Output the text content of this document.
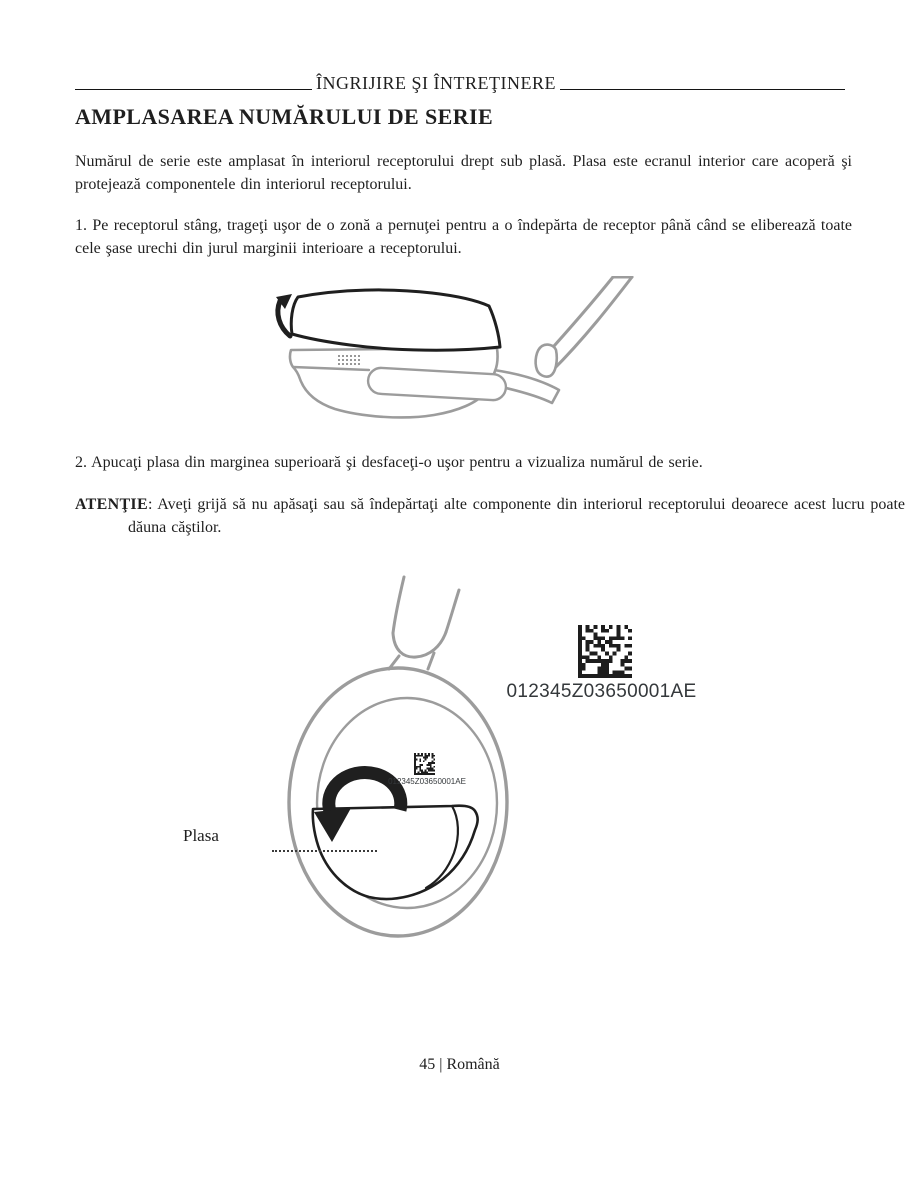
ÎNGRIJIRE ŞI ÎNTREŢINERE
AMPLASAREA NUMĂRULUI DE SERIE

Numărul de serie este amplasat în interiorul receptorului drept sub plasă. Plasa este ecranul interior care acoperă şi protejează componentele din interiorul receptorului.

1. Pe receptorul stâng, trageţi uşor de o zonă a pernuţei pentru a o îndepărta de receptor până când se eliberează toate cele şase urechi din jurul marginii interioare a receptorului.

2. Apucaţi plasa din marginea superioară şi desfaceţi-o uşor pentru a vizualiza numărul de serie.

ATENŢIE: Aveţi grijă să nu apăsaţi sau să îndepărtaţi alte componente din interiorul receptorului deoarece acest lucru poate dăuna căştilor.

012345Z03650001AE
012345Z03650001AE
Plasa
45 | Română
